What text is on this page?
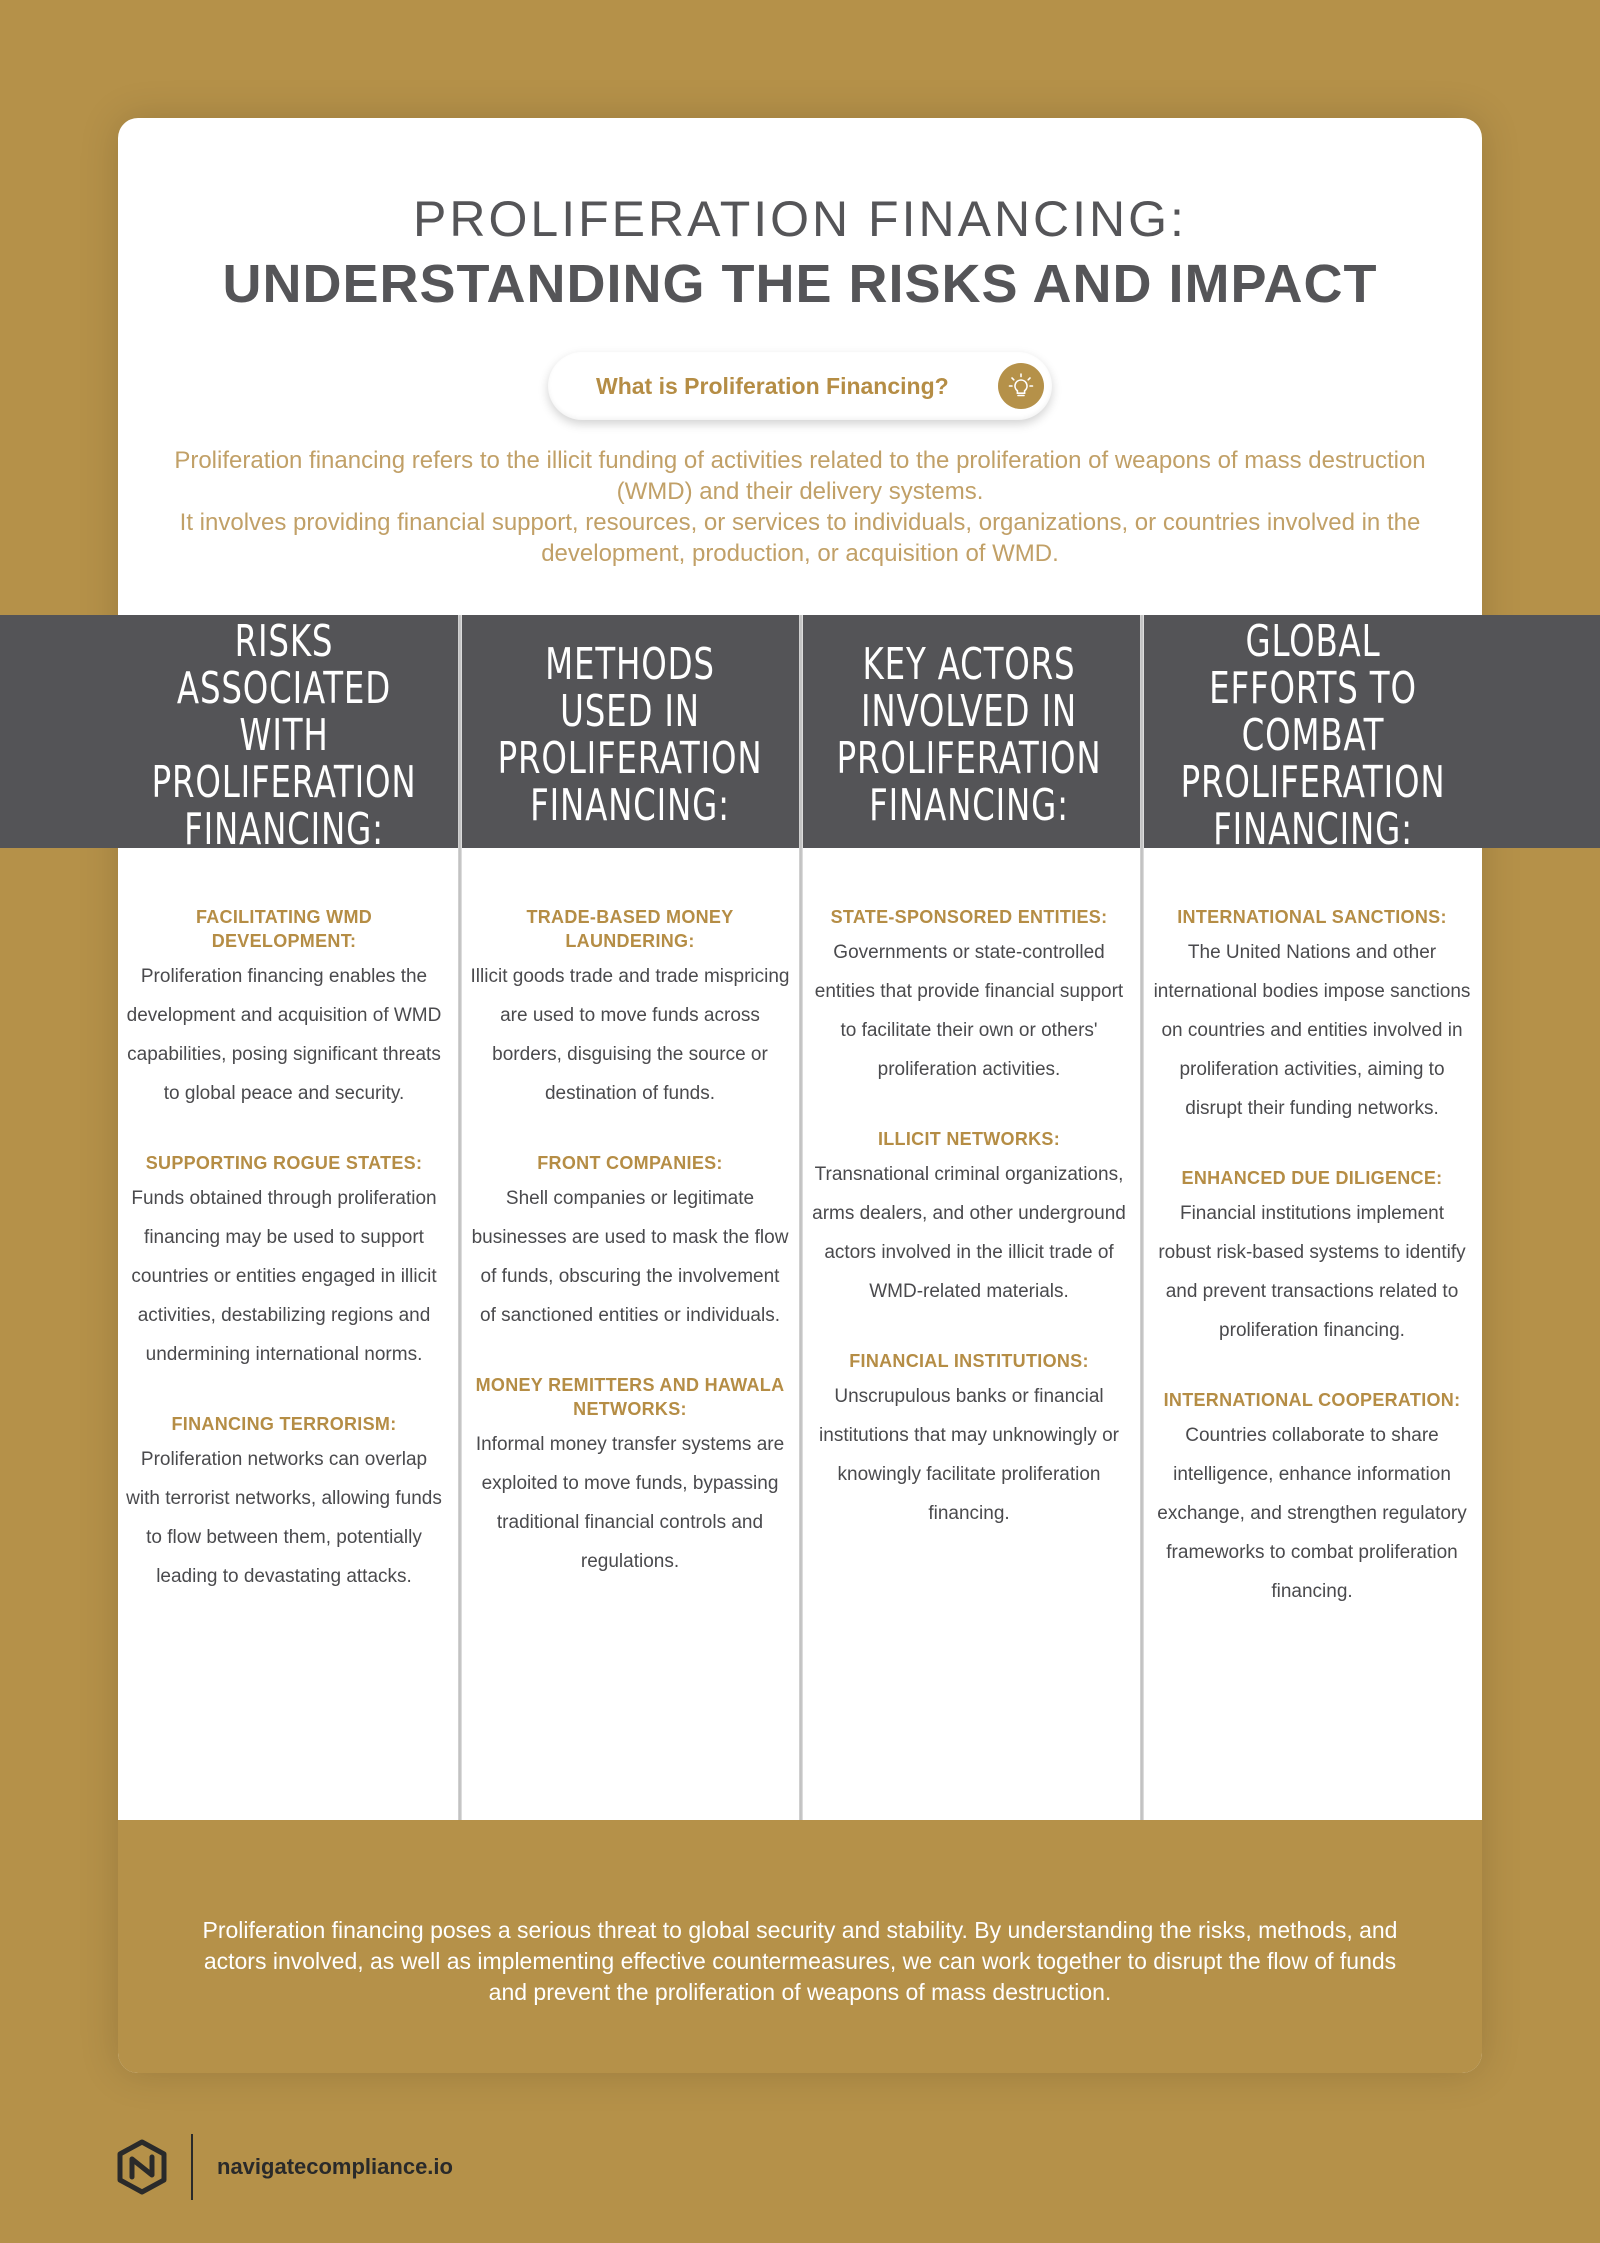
PROLIFERATION FINANCING:
UNDERSTANDING THE RISKS AND IMPACT
What is Proliferation Financing?
Proliferation financing refers to the illicit funding of activities related to the proliferation of weapons of mass destruction (WMD) and their delivery systems.
It involves providing financial support, resources, or services to individuals, organizations, or countries involved in the development, production, or acquisition of WMD.
RISKS ASSOCIATED WITH PROLIFERATION FINANCING:
FACILITATING WMD DEVELOPMENT:
Proliferation financing enables the development and acquisition of WMD capabilities, posing significant threats to global peace and security.
SUPPORTING ROGUE STATES:
Funds obtained through proliferation financing may be used to support countries or entities engaged in illicit activities, destabilizing regions and undermining international norms.
FINANCING TERRORISM:
Proliferation networks can overlap with terrorist networks, allowing funds to flow between them, potentially leading to devastating attacks.
METHODS USED IN PROLIFERATION FINANCING:
TRADE-BASED MONEY LAUNDERING:
Illicit goods trade and trade mispricing are used to move funds across borders, disguising the source or destination of funds.
FRONT COMPANIES:
Shell companies or legitimate businesses are used to mask the flow of funds, obscuring the involvement of sanctioned entities or individuals.
MONEY REMITTERS AND HAWALA NETWORKS:
Informal money transfer systems are exploited to move funds, bypassing traditional financial controls and regulations.
KEY ACTORS INVOLVED IN PROLIFERATION FINANCING:
STATE-SPONSORED ENTITIES:
Governments or state-controlled entities that provide financial support to facilitate their own or others' proliferation activities.
ILLICIT NETWORKS:
Transnational criminal organizations, arms dealers, and other underground actors involved in the illicit trade of WMD-related materials.
FINANCIAL INSTITUTIONS:
Unscrupulous banks or financial institutions that may unknowingly or knowingly facilitate proliferation financing.
GLOBAL EFFORTS TO COMBAT PROLIFERATION FINANCING:
INTERNATIONAL SANCTIONS:
The United Nations and other international bodies impose sanctions on countries and entities involved in proliferation activities, aiming to disrupt their funding networks.
ENHANCED DUE DILIGENCE:
Financial institutions implement robust risk-based systems to identify and prevent transactions related to proliferation financing.
INTERNATIONAL COOPERATION:
Countries collaborate to share intelligence, enhance information exchange, and strengthen regulatory frameworks to combat proliferation financing.
Proliferation financing poses a serious threat to global security and stability. By understanding the risks, methods, and actors involved, as well as implementing effective countermeasures, we can work together to disrupt the flow of funds and prevent the proliferation of weapons of mass destruction.
navigatecompliance.io
